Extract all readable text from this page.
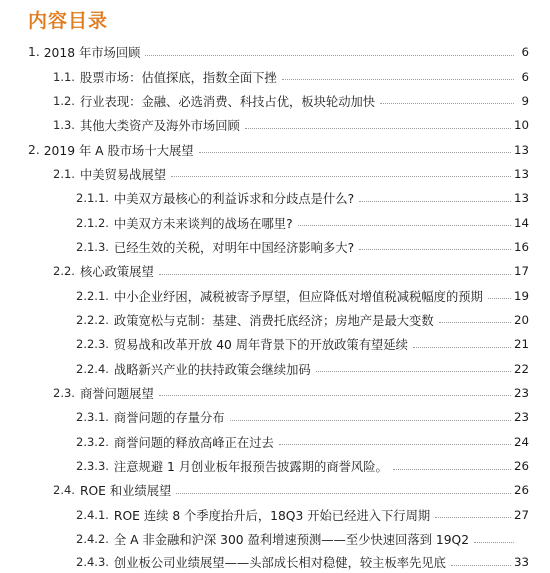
内容目录
1. 2018 年市场回顾	6
1.1. 股票市场：估值探底，指数全面下挫	6
1.2. 行业表现：金融、必选消费、科技占优，板块轮动加快	9
1.3. 其他大类资产及海外市场回顾	10
2. 2019 年 A 股市场十大展望	13
2.1. 中美贸易战展望	13
2.1.1. 中美双方最核心的利益诉求和分歧点是什么?	13
2.1.2. 中美双方未来谈判的战场在哪里?	14
2.1.3. 已经生效的关税，对明年中国经济影响多大?	16
2.2. 核心政策展望	17
2.2.1. 中小企业纾困，减税被寄予厚望，但应降低对增值税减税幅度的预期	19
2.2.2. 政策宽松与克制：基建、消费托底经济；房地产是最大变数	20
2.2.3. 贸易战和改革开放 40 周年背景下的开放政策有望延续	21
2.2.4. 战略新兴产业的扶持政策会继续加码	22
2.3. 商誉问题展望	23
2.3.1. 商誉问题的存量分布	23
2.3.2. 商誉问题的释放高峰正在过去	24
2.3.3. 注意规避 1 月创业板年报预告披露期的商誉风险。	26
2.4. ROE 和业绩展望	26
2.4.1. ROE 连续 8 个季度抬升后，18Q3 开始已经进入下行周期	27
2.4.2. 全 A 非金融和沪深 300 盈利增速预测——至少快速回落到 19Q2
2.4.3. 创业板公司业绩展望——头部成长相对稳健，较主板率先见底	33
